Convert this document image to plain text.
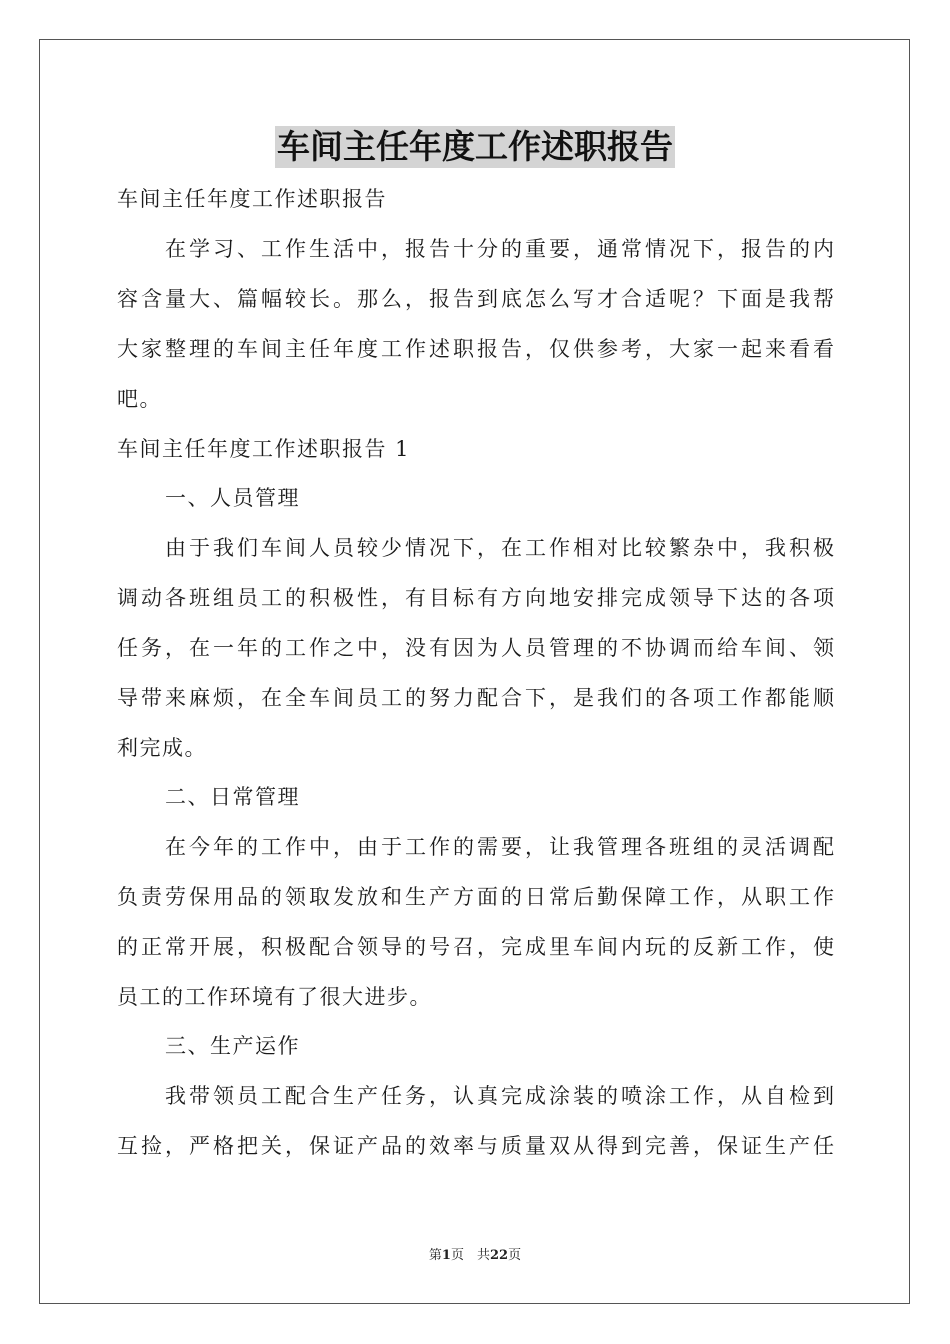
车间主任年度工作述职报告
车间主任年度工作述职报告
在学习、工作生活中，报告十分的重要，通常情况下，报告的内
容含量大、篇幅较长。那么，报告到底怎么写才合适呢？下面是我帮
大家整理的车间主任年度工作述职报告，仅供参考，大家一起来看看
吧。
车间主任年度工作述职报告 1
一、人员管理
由于我们车间人员较少情况下，在工作相对比较繁杂中，我积极
调动各班组员工的积极性，有目标有方向地安排完成领导下达的各项
任务，在一年的工作之中，没有因为人员管理的不协调而给车间、领
导带来麻烦，在全车间员工的努力配合下，是我们的各项工作都能顺
利完成。
二、日常管理
在今年的工作中，由于工作的需要，让我管理各班组的灵活调配
负责劳保用品的领取发放和生产方面的日常后勤保障工作，从职工作
的正常开展，积极配合领导的号召，完成里车间内玩的反新工作，使
员工的工作环境有了很大进步。
三、生产运作
我带领员工配合生产任务，认真完成涂装的喷涂工作，从自检到
互捡，严格把关，保证产品的效率与质量双从得到完善，保证生产任
第1页　共22页
